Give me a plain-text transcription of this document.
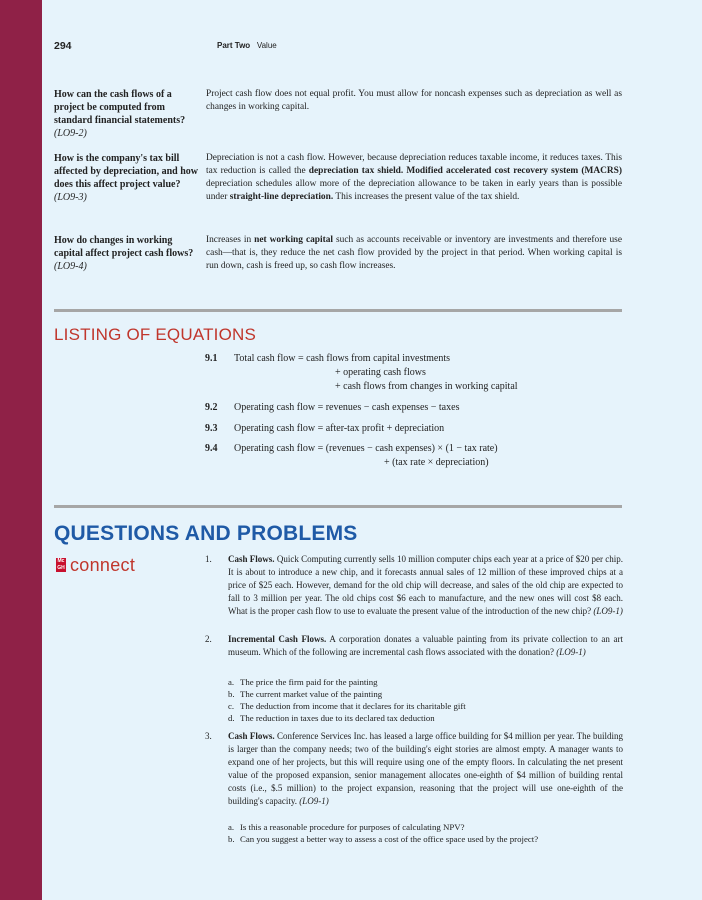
294	Part Two Value
How can the cash flows of a project be computed from standard financial statements? (LO9-2)
Project cash flow does not equal profit. You must allow for noncash expenses such as depreciation as well as changes in working capital.
How is the company's tax bill affected by depreciation, and how does this affect project value? (LO9-3)
Depreciation is not a cash flow. However, because depreciation reduces taxable income, it reduces taxes. This tax reduction is called the depreciation tax shield. Modified accelerated cost recovery system (MACRS) depreciation schedules allow more of the depreciation allowance to be taken in early years than is possible under straight-line depreciation. This increases the present value of the tax shield.
How do changes in working capital affect project cash flows? (LO9-4)
Increases in net working capital such as accounts receivable or inventory are investments and therefore use cash—that is, they reduce the net cash flow provided by the project in that period. When working capital is run down, cash is freed up, so cash flow increases.
LISTING OF EQUATIONS
9.1 Total cash flow = cash flows from capital investments
+ operating cash flows
+ cash flows from changes in working capital
9.2 Operating cash flow = revenues − cash expenses − taxes
9.3 Operating cash flow = after-tax profit + depreciation
9.4 Operating cash flow = (revenues − cash expenses) × (1 − tax rate)
+ (tax rate × depreciation)
QUESTIONS AND PROBLEMS
Mc
GH connect	1. Cash Flows. Quick Computing currently sells 10 million computer chips each year at a price of $20 per chip. It is about to introduce a new chip, and it forecasts annual sales of 12 million of these improved chips at a price of $25 each. However, demand for the old chip will decrease, and sales of the old chip are expected to fall to 3 million per year. The old chips cost $6 each to manufacture, and the new ones will cost $8 each. What is the proper cash flow to use to evaluate the present value of the introduction of the new chip? (LO9-1)
2. Incremental Cash Flows. A corporation donates a valuable painting from its private collection to an art museum. Which of the following are incremental cash flows associated with the donation? (LO9-1)
a. The price the firm paid for the painting
b. The current market value of the painting
c. The deduction from income that it declares for its charitable gift
d. The reduction in taxes due to its declared tax deduction
3. Cash Flows. Conference Services Inc. has leased a large office building for $4 million per year. The building is larger than the company needs; two of the building's eight stories are almost empty. A manager wants to expand one of her projects, but this will require using one of the empty floors. In calculating the net present value of the proposed expansion, senior management allocates one-eighth of $4 million of building rental costs (i.e., $.5 million) to the project expansion, reasoning that the project will use one-eighth of the building's capacity. (LO9-1)
a. Is this a reasonable procedure for purposes of calculating NPV?
b. Can you suggest a better way to assess a cost of the office space used by the project?
